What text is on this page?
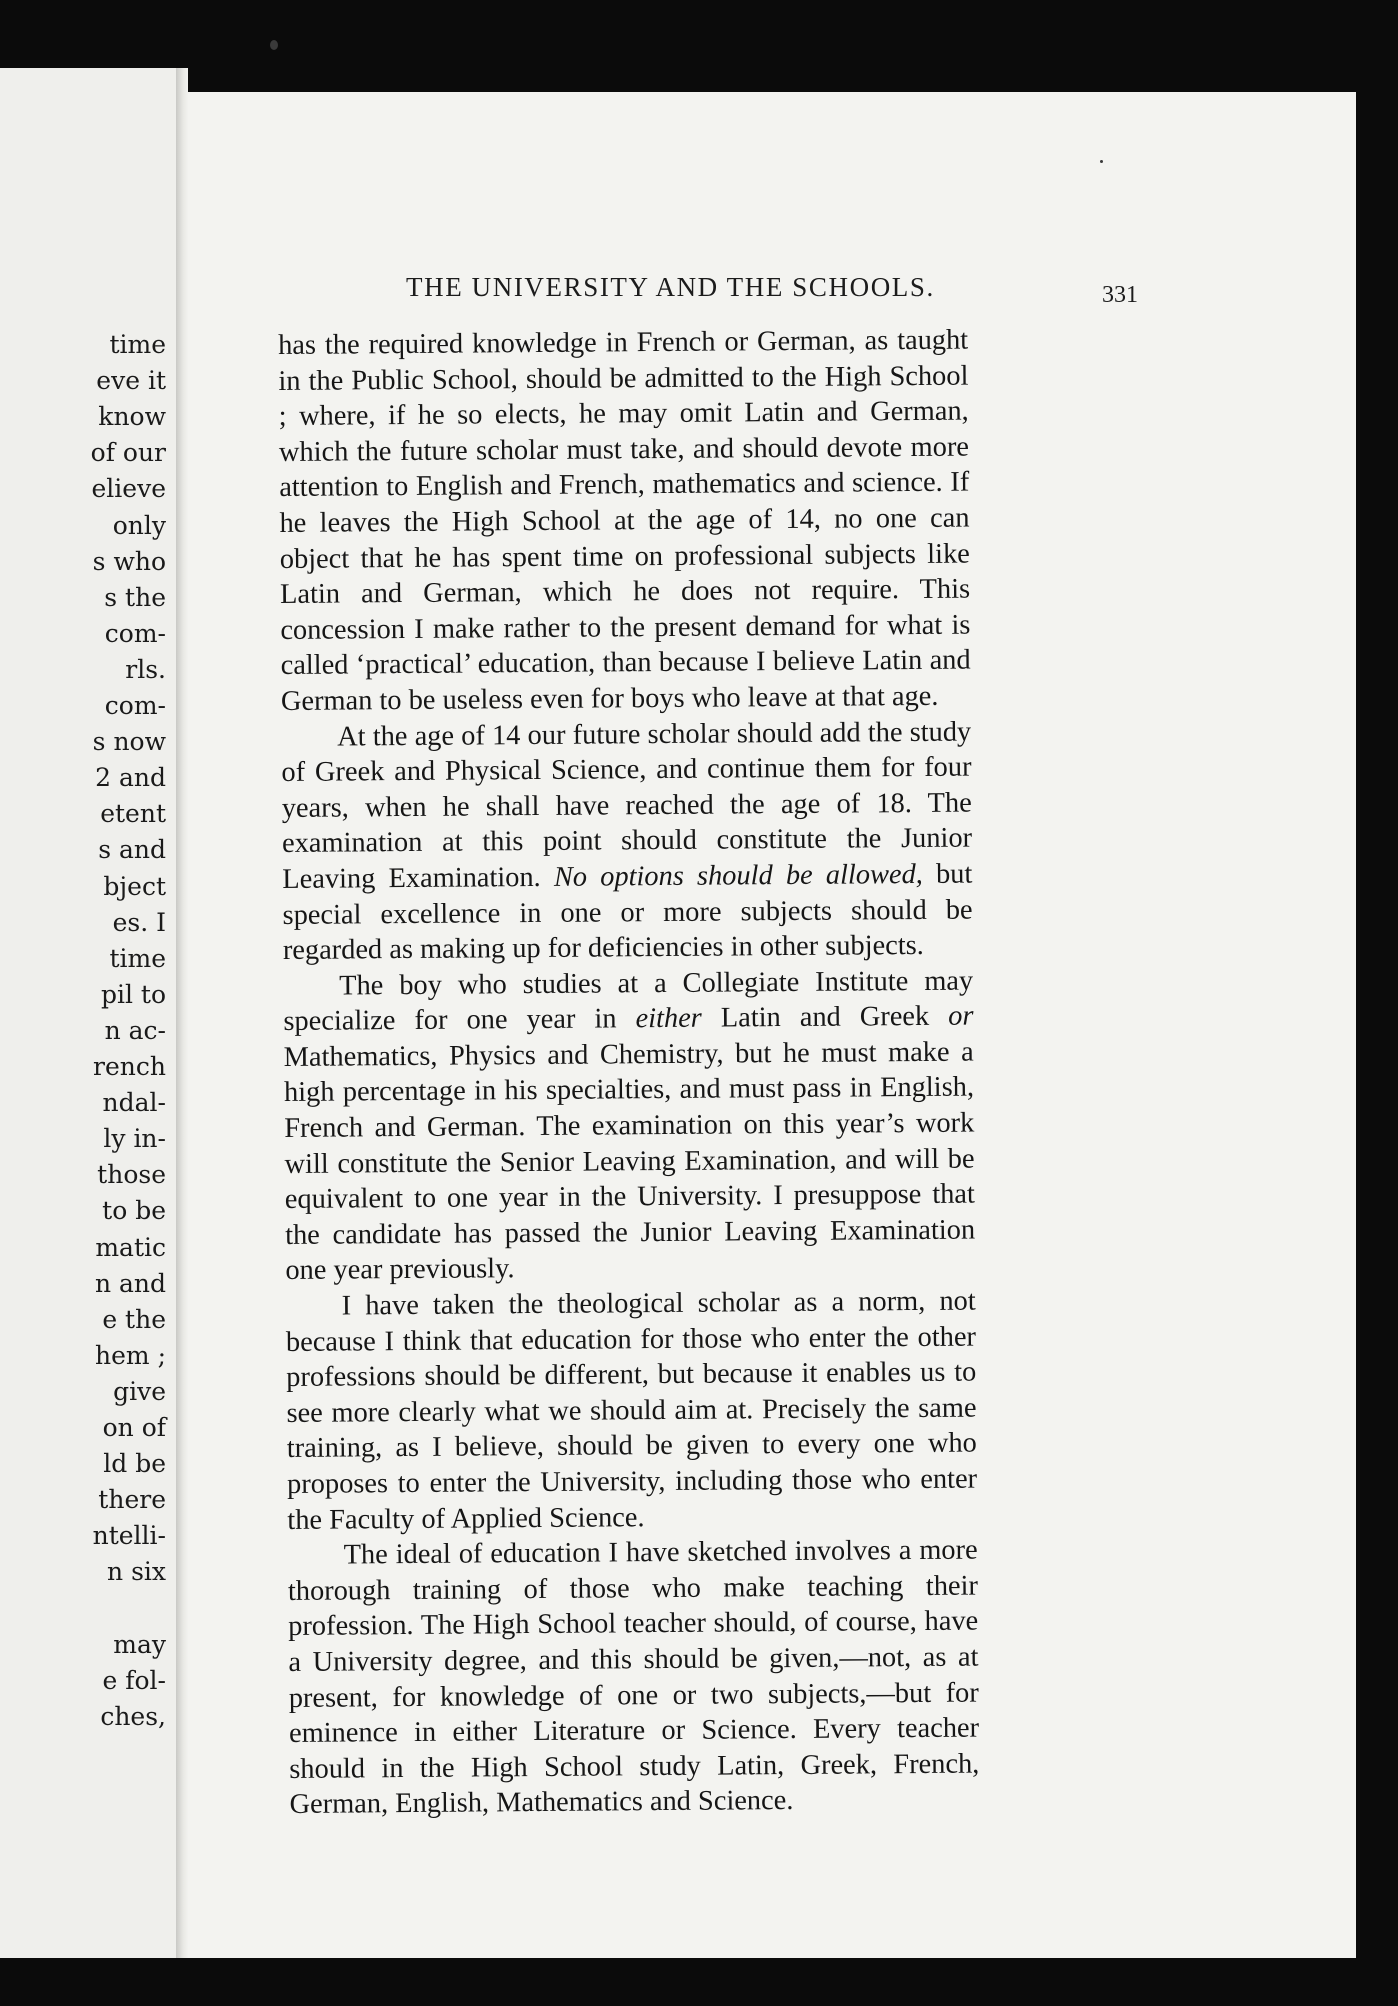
time
eve it
know
of our
elieve
only
s who
s the
com-
rls.
com-
s now
2 and
etent
s and
bject
es. I
time
pil to
n ac-
rench
ndal-
ly in-
those
to be
matic
n and
e the
hem ;
give
on of
ld be
there
ntelli-
n six
may
e fol-
ches,
THE UNIVERSITY AND THE SCHOOLS.	331

has the required knowledge in French or German, as taught in the Public School, should be admitted to the High School ; where, if he so elects, he may omit Latin and German, which the future scholar must take, and should devote more attention to English and French, mathematics and science. If he leaves the High School at the age of 14, no one can object that he has spent time on professional subjects like Latin and German, which he does not require. This concession I make rather to the present demand for what is called ‘practical’ education, than because I believe Latin and German to be useless even for boys who leave at that age.

At the age of 14 our future scholar should add the study of Greek and Physical Science, and continue them for four years, when he shall have reached the age of 18. The examination at this point should constitute the Junior Leaving Examination. No options should be allowed, but special excellence in one or more subjects should be regarded as making up for deficiencies in other subjects.

The boy who studies at a Collegiate Institute may specialize for one year in either Latin and Greek or Mathematics, Physics and Chemistry, but he must make a high percentage in his specialties, and must pass in English, French and German. The examination on this year’s work will constitute the Senior Leaving Examination, and will be equivalent to one year in the University. I presuppose that the candidate has passed the Junior Leaving Examination one year previously.

I have taken the theological scholar as a norm, not because I think that education for those who enter the other professions should be different, but because it enables us to see more clearly what we should aim at. Precisely the same training, as I believe, should be given to every one who proposes to enter the University, including those who enter the Faculty of Applied Science.

The ideal of education I have sketched involves a more thorough training of those who make teaching their profession. The High School teacher should, of course, have a University degree, and this should be given,—not, as at present, for knowledge of one or two subjects,—but for eminence in either Literature or Science. Every teacher should in the High School study Latin, Greek, French, German, English, Mathematics and Science.
